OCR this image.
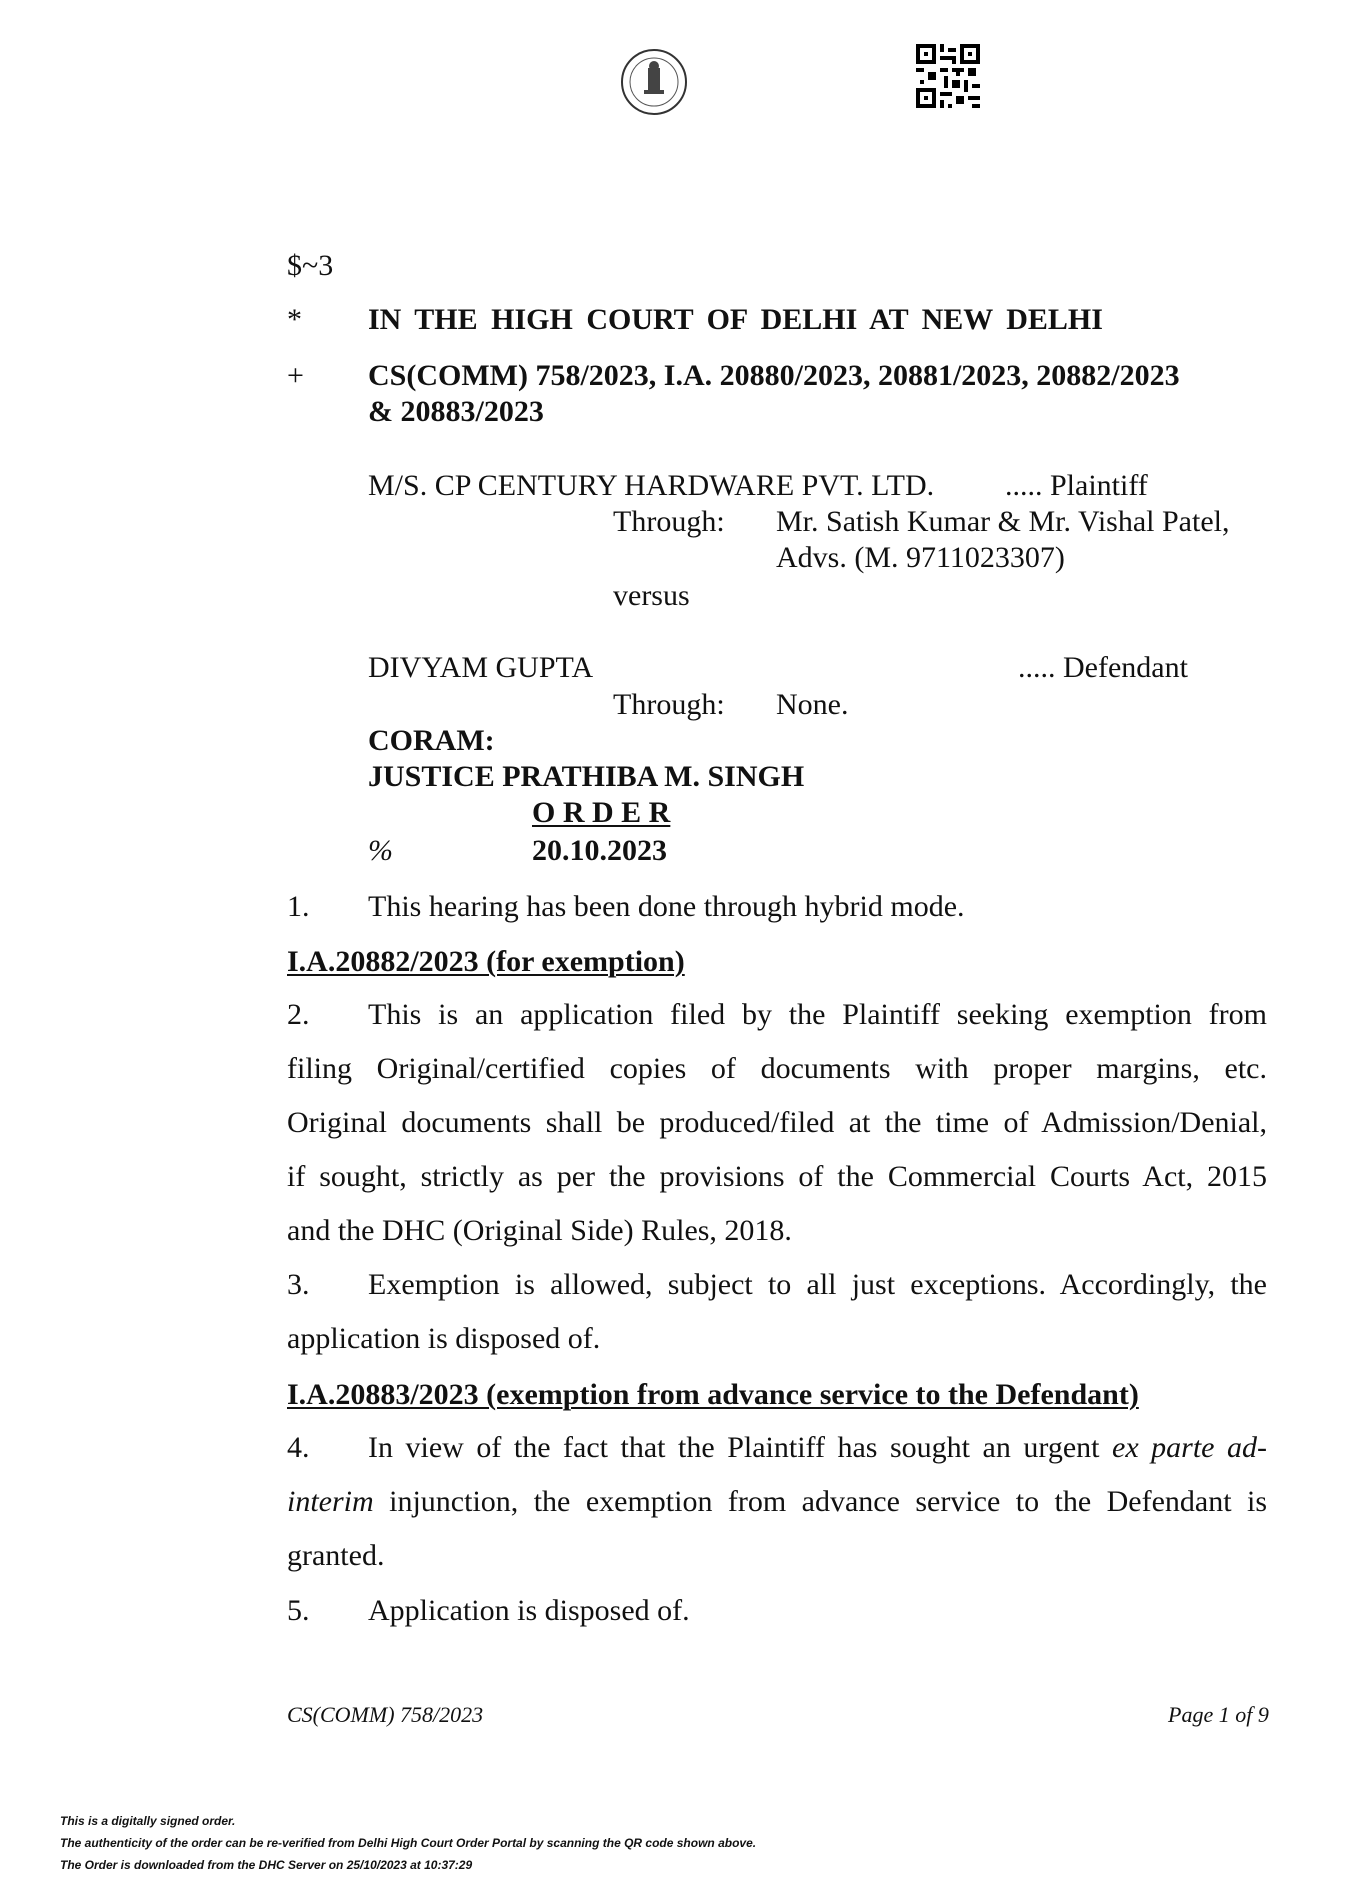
$~3
* IN THE HIGH COURT OF DELHI AT NEW DELHI
+ CS(COMM) 758/2023, I.A. 20880/2023, 20881/2023, 20882/2023
& 20883/2023
M/S. CP CENTURY HARDWARE PVT. LTD. ..... Plaintiff
Through: Mr. Satish Kumar & Mr. Vishal Patel,
Advs. (M. 9711023307)
versus
DIVYAM GUPTA	..... Defendant
Through: None.
CORAM:
JUSTICE PRATHIBA M. SINGH
O R D E R
%	20.10.2023
1. This hearing has been done through hybrid mode.
I.A.20882/2023 (for exemption)
2. This is an application filed by the Plaintiff seeking exemption from
filing Original/certified copies of documents with proper margins, etc.
Original documents shall be produced/filed at the time of Admission/Denial,
if sought, strictly as per the provisions of the Commercial Courts Act, 2015
and the DHC (Original Side) Rules, 2018.
3. Exemption is allowed, subject to all just exceptions. Accordingly, the
application is disposed of.
I.A.20883/2023 (exemption from advance service to the Defendant)
4. In view of the fact that the Plaintiff has sought an urgent ex parte ad-
interim injunction, the exemption from advance service to the Defendant is
granted.
5. Application is disposed of.
CS(COMM) 758/2023	Page 1 of 9
This is a digitally signed order.
The authenticity of the order can be re-verified from Delhi High Court Order Portal by scanning the QR code shown above.
The Order is downloaded from the DHC Server on 25/10/2023 at 10:37:29
